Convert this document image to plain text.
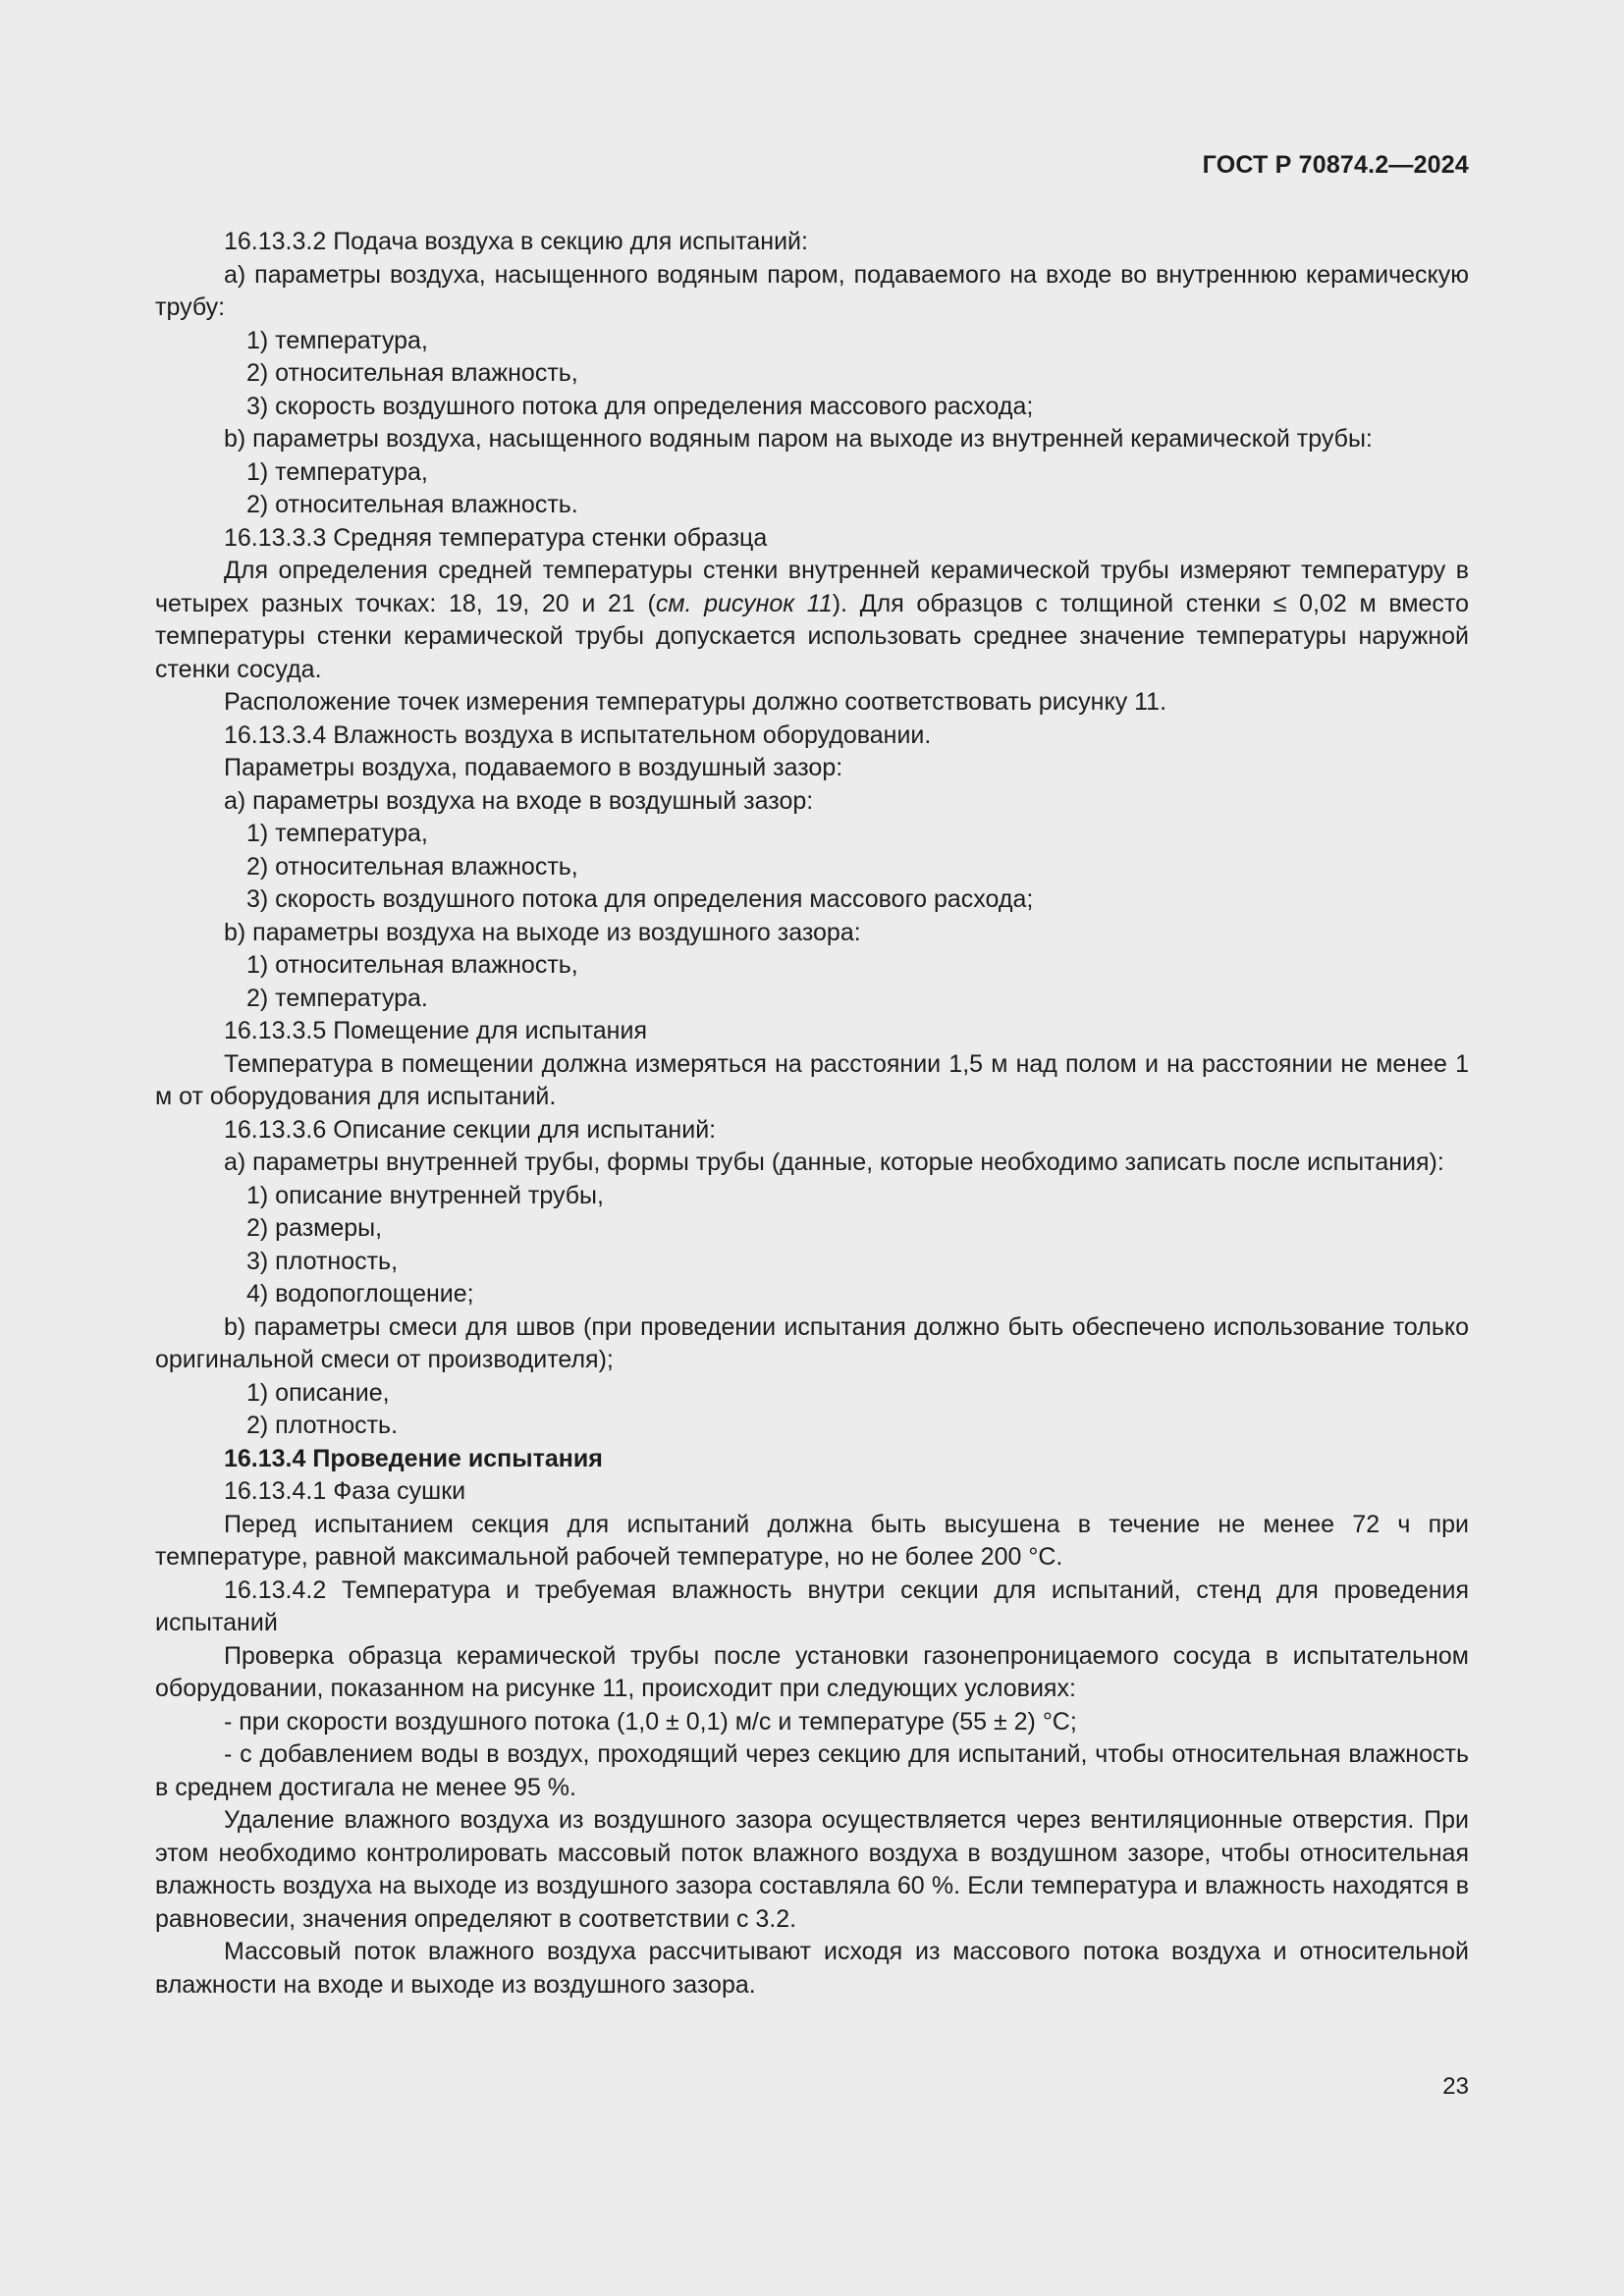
ГОСТ Р 70874.2—2024

16.13.3.2 Подача воздуха в секцию для испытаний:

a) параметры воздуха, насыщенного водяным паром, подаваемого на входе во внутреннюю керамическую трубу:

1) температура,

2) относительная влажность,

3) скорость воздушного потока для определения массового расхода;

b) параметры воздуха, насыщенного водяным паром на выходе из внутренней керамической трубы:

1) температура,

2) относительная влажность.

16.13.3.3 Средняя температура стенки образца

Для определения средней температуры стенки внутренней керамической трубы измеряют температуру в четырех разных точках: 18, 19, 20 и 21 (см. рисунок 11). Для образцов с толщиной стенки ≤ 0,02 м вместо температуры стенки керамической трубы допускается использовать среднее значение температуры наружной стенки сосуда.

Расположение точек измерения температуры должно соответствовать рисунку 11.

16.13.3.4 Влажность воздуха в испытательном оборудовании.

Параметры воздуха, подаваемого в воздушный зазор:

a) параметры воздуха на входе в воздушный зазор:

1) температура,

2) относительная влажность,

3) скорость воздушного потока для определения массового расхода;

b) параметры воздуха на выходе из воздушного зазора:

1) относительная влажность,

2) температура.

16.13.3.5 Помещение для испытания

Температура в помещении должна измеряться на расстоянии 1,5 м над полом и на расстоянии не менее 1 м от оборудования для испытаний.

16.13.3.6 Описание секции для испытаний:

a) параметры внутренней трубы, формы трубы (данные, которые необходимо записать после испытания):

1) описание внутренней трубы,

2) размеры,

3) плотность,

4) водопоглощение;

b) параметры смеси для швов (при проведении испытания должно быть обеспечено использование только оригинальной смеси от производителя);

1) описание,

2) плотность.

16.13.4 Проведение испытания

16.13.4.1 Фаза сушки

Перед испытанием секция для испытаний должна быть высушена в течение не менее 72 ч при температуре, равной максимальной рабочей температуре, но не более 200 °С.

16.13.4.2 Температура и требуемая влажность внутри секции для испытаний, стенд для проведения испытаний

Проверка образца керамической трубы после установки газонепроницаемого сосуда в испытательном оборудовании, показанном на рисунке 11, происходит при следующих условиях:

- при скорости воздушного потока (1,0 ± 0,1) м/с и температуре (55 ± 2) °С;

- с добавлением воды в воздух, проходящий через секцию для испытаний, чтобы относительная влажность в среднем достигала не менее 95 %.

Удаление влажного воздуха из воздушного зазора осуществляется через вентиляционные отверстия. При этом необходимо контролировать массовый поток влажного воздуха в воздушном зазоре, чтобы относительная влажность воздуха на выходе из воздушного зазора составляла 60 %. Если температура и влажность находятся в равновесии, значения определяют в соответствии с 3.2.

Массовый поток влажного воздуха рассчитывают исходя из массового потока воздуха и относительной влажности на входе и выходе из воздушного зазора.

23
